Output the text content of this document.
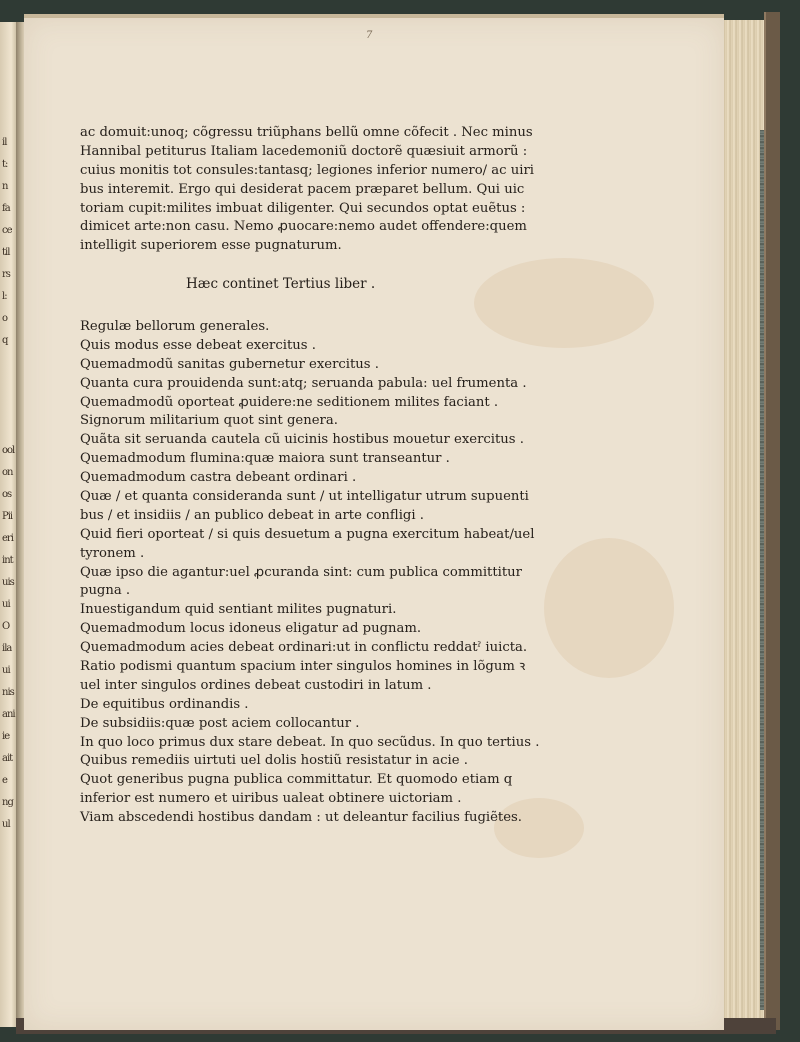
il
t:
n
fa
ce
til
rs
l:
o
q
ool
on
os
Pii
eri
int
uis
ui
O
ila
ui
nis
ani
ie
ait
e
ng
ul
7
ac domuit:unoq; cõgressu triũphans bellũ omne cõfecit . Nec minus
Hannibal petiturus Italiam lacedemoniũ doctorẽ quæsiuit armorũ :
cuius monitis tot consules:tantasq; legiones inferior numero/ ac uiri
bus interemit. Ergo qui desiderat pacem præparet bellum. Qui uic
toriam cupit:milites imbuat diligenter. Qui secundos optat euẽtus :
dimicet arte:non casu. Nemo ꝓuocare:nemo audet offendere:quem
intelligit superiorem esse pugnaturum.
Hæc continet Tertius liber .
Regulæ bellorum generales.
Quis modus esse debeat exercitus .
Quemadmodũ sanitas gubernetur exercitus .
Quanta cura prouidenda sunt:atq; seruanda pabula: uel frumenta .
Quemadmodũ oporteat ꝓuidere:ne seditionem milites faciant .
Signorum militarium quot sint genera.
Quãta sit seruanda cautela cũ uicinis hostibus mouetur exercitus .
Quemadmodum flumina:quæ maiora sunt transeantur .
Quemadmodum castra debeant ordinari .
Quæ / et quanta consideranda sunt / ut intelligatur utrum supuenti
bus / et insidiis / an publico debeat in arte confligi .
Quid fieri oporteat / si quis desuetum a pugna exercitum habeat/uel
tyronem .
Quæ ipso die agantur:uel ꝓcuranda sint: cum publica committitur
pugna .
Inuestigandum quid sentiant milites pugnaturi.
Quemadmodum locus idoneus eligatur ad pugnam.
Quemadmodum acies debeat ordinari:ut in conflictu reddatˀ iuicta.
Ratio podismi quantum spacium inter singulos homines in lõgum ꝛ
uel inter singulos ordines debeat custodiri in latum .
De equitibus ordinandis .
De subsidiis:quæ post aciem collocantur .
In quo loco primus dux stare debeat. In quo secũdus. In quo tertius .
Quibus remediis uirtuti uel dolis hostiũ resistatur in acie .
Quot generibus pugna publica committatur. Et quomodo etiam q
inferior est numero et uiribus ualeat obtinere uictoriam .
Viam abscedendi hostibus dandam : ut deleantur facilius fugiẽtes.
